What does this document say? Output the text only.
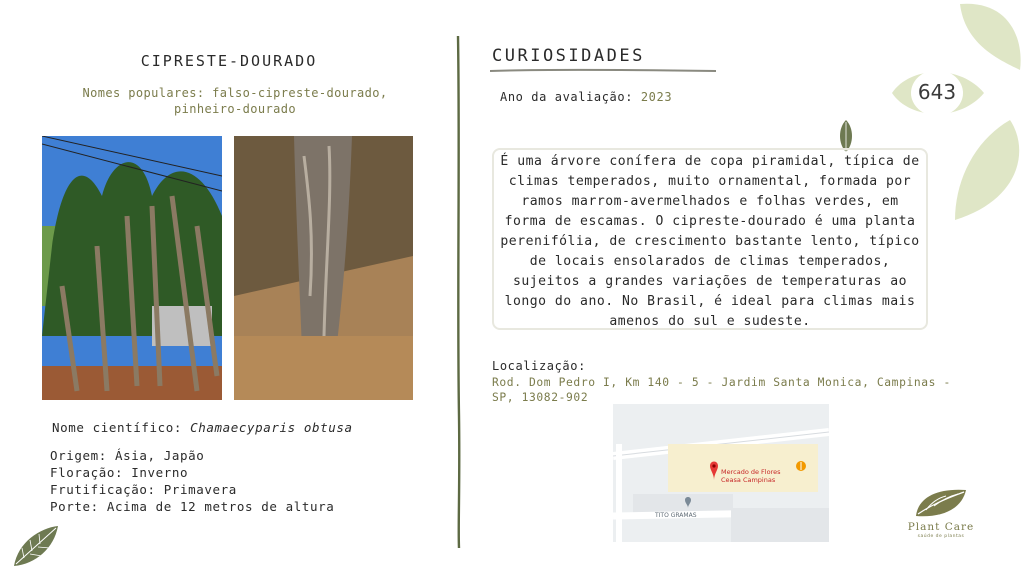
CIPRESTE-DOURADO
Nomes populares: falso-cipreste-dourado, pinheiro-dourado
Nome científico: Chamaecyparis obtusa
Origem: Ásia, Japão
Floração: Inverno
Frutificação: Primavera
Porte: Acima de 12 metros de altura
CURIOSIDADES
Ano da avaliação: 2023
É uma árvore conífera de copa piramidal, típica de climas temperados, muito ornamental, formada por ramos marrom-avermelhados e folhas verdes, em forma de escamas. O cipreste-dourado é uma planta perenifólia, de crescimento bastante lento, típico de locais ensolarados de climas temperados, sujeitos a grandes variações de temperaturas ao longo do ano. No Brasil, é ideal para climas mais amenos do sul e sudeste.
Localização:
Rod. Dom Pedro I, Km 140 - 5 - Jardim Santa Monica, Campinas - SP, 13082-902
Mercado de Flores
Ceasa Campinas
TITO GRAMAS
643
Plant Care
saúde de plantas
